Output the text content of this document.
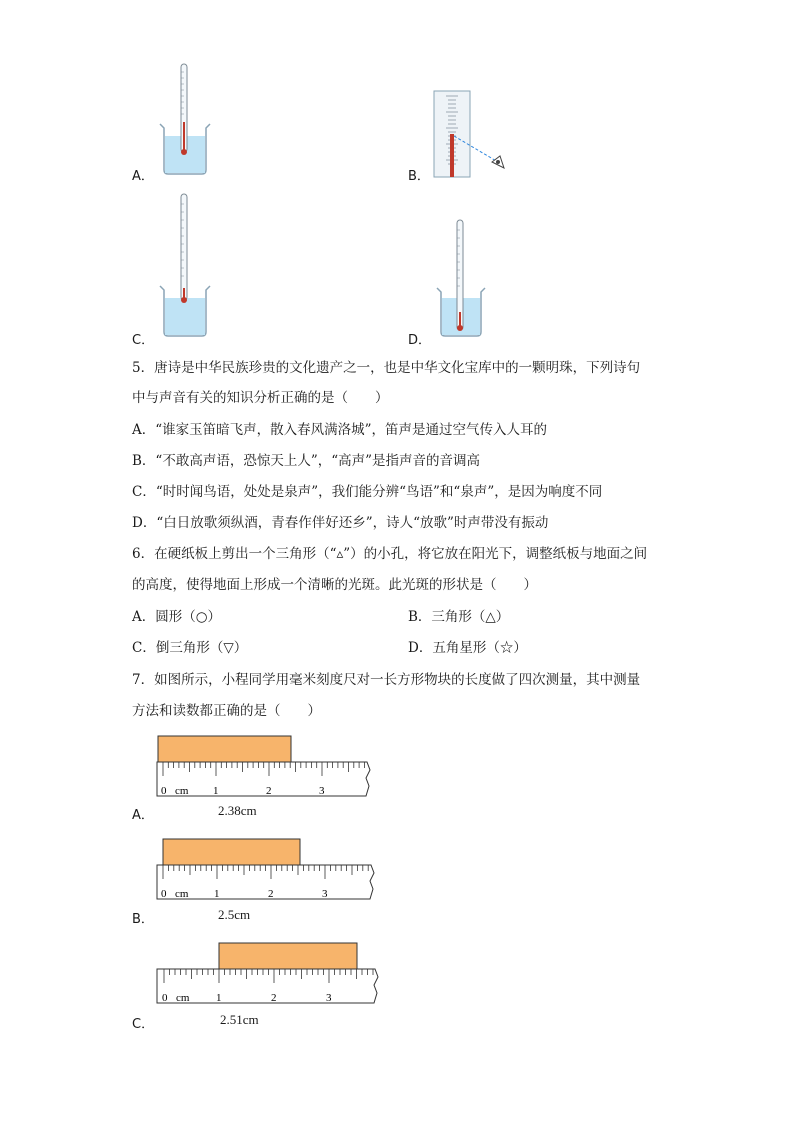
A．	B．
C．	D．
5．唐诗是中华民族珍贵的文化遗产之一，也是中华文化宝库中的一颗明珠，下列诗句
中与声音有关的知识分析正确的是（　　）
A．“谁家玉笛暗飞声，散入春风满洛城”，笛声是通过空气传入人耳的
B．“不敢高声语，恐惊天上人”，“高声”是指声音的音调高
C．“时时闻鸟语，处处是泉声”，我们能分辨“鸟语”和“泉声”，是因为响度不同
D．“白日放歌须纵酒，青春作伴好还乡”，诗人“放歌”时声带没有振动
6．在硬纸板上剪出一个三角形（“▵”）的小孔，将它放在阳光下，调整纸板与地面之间
的高度，使得地面上形成一个清晰的光斑。此光斑的形状是（　　）
A．圆形（○）	B．三角形（△）
C．倒三角形（▽）	D．五角星形（☆）
7．如图所示，小程同学用毫米刻度尺对一长方形物块的长度做了四次测量，其中测量
方法和读数都正确的是（　　）
0 cm 1	2	3
A．	2.38cm
0 cm 1	2	3
B．	2.5cm
0 cm 1	2	3
C．	2.51cm
